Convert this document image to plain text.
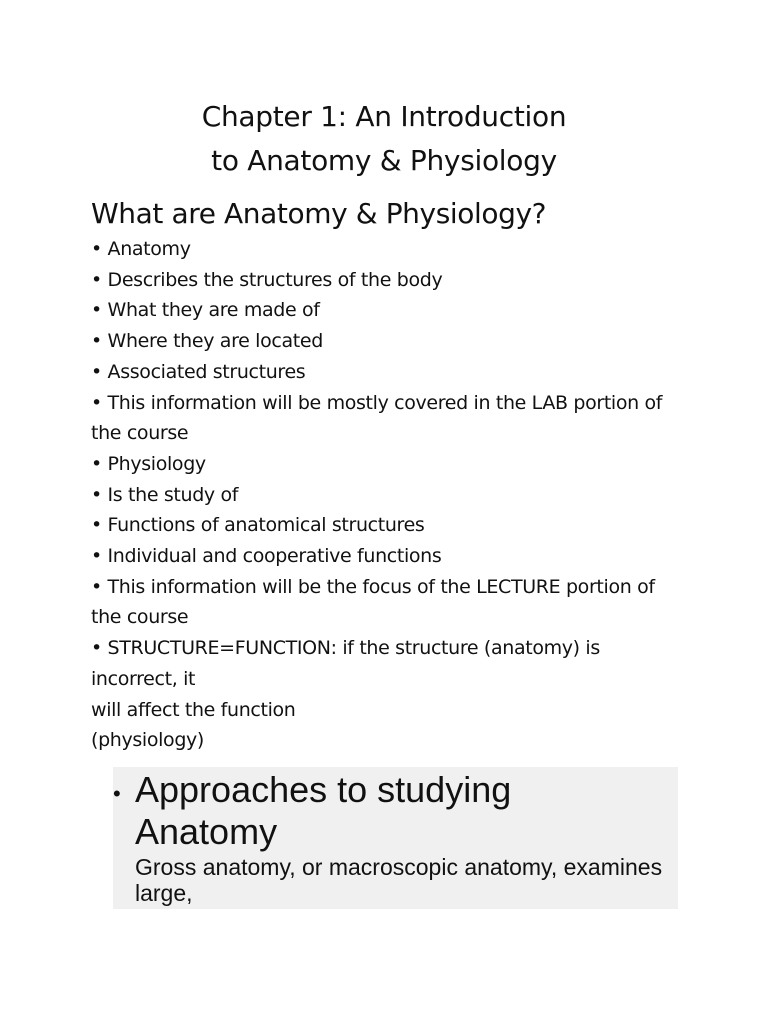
Chapter 1: An Introduction
to Anatomy & Physiology
What are Anatomy & Physiology?
• Anatomy
• Describes the structures of the body
• What they are made of
• Where they are located
• Associated structures
• This information will be mostly covered in the LAB portion of
the course
• Physiology
• Is the study of
• Functions of anatomical structures
• Individual and cooperative functions
• This information will be the focus of the LECTURE portion of
the course
• STRUCTURE=FUNCTION: if the structure (anatomy) is
incorrect, it
will affect the function
(physiology)
• Approaches to studying
Anatomy
Gross anatomy, or macroscopic anatomy, examines
large,
